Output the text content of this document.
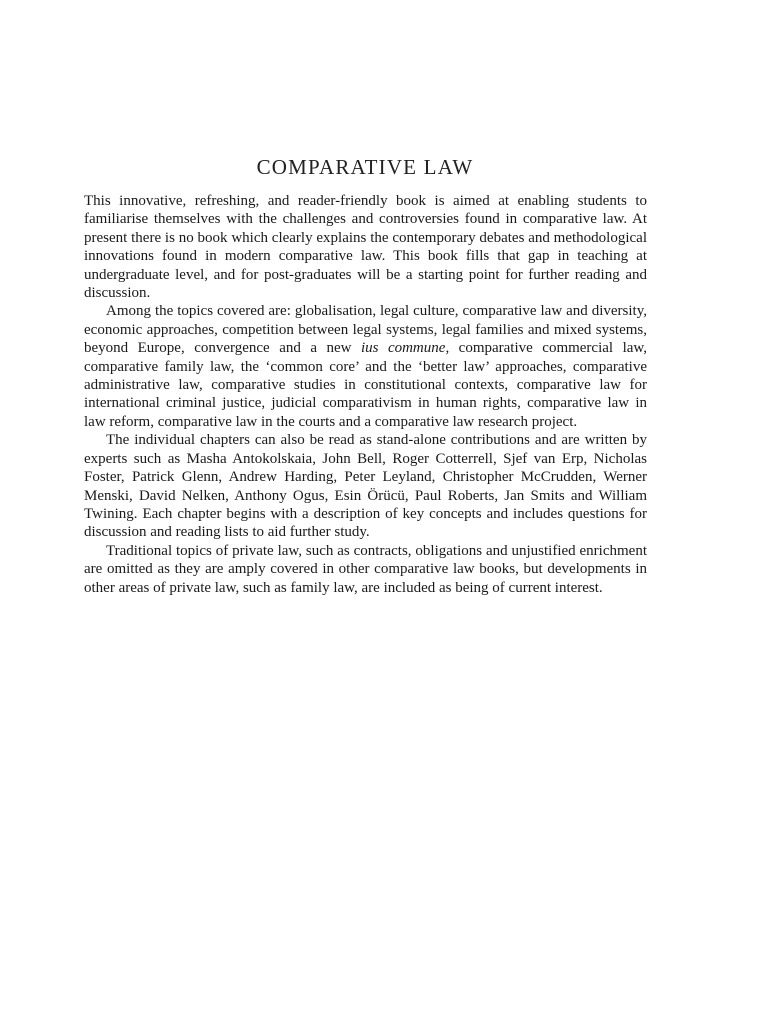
COMPARATIVE LAW

This innovative, refreshing, and reader-friendly book is aimed at enabling students to familiarise themselves with the challenges and controversies found in comparative law. At present there is no book which clearly explains the contemporary debates and methodological innovations found in modern comparative law. This book fills that gap in teaching at undergraduate level, and for post-graduates will be a starting point for further reading and discussion.

Among the topics covered are: globalisation, legal culture, comparative law and diversity, economic approaches, competition between legal systems, legal families and mixed systems, beyond Europe, convergence and a new ius commune, comparative commercial law, comparative family law, the ‘common core’ and the ‘better law’ approaches, comparative administrative law, comparative studies in constitutional contexts, comparative law for international criminal justice, judicial comparativism in human rights, comparative law in law reform, comparative law in the courts and a comparative law research project.

The individual chapters can also be read as stand-alone contributions and are written by experts such as Masha Antokolskaia, John Bell, Roger Cotterrell, Sjef van Erp, Nicholas Foster, Patrick Glenn, Andrew Harding, Peter Leyland, Christopher McCrudden, Werner Menski, David Nelken, Anthony Ogus, Esin Örücü, Paul Roberts, Jan Smits and William Twining. Each chapter begins with a description of key concepts and includes questions for discussion and reading lists to aid further study.

Traditional topics of private law, such as contracts, obligations and unjustified enrichment are omitted as they are amply covered in other comparative law books, but developments in other areas of private law, such as family law, are included as being of current interest.
